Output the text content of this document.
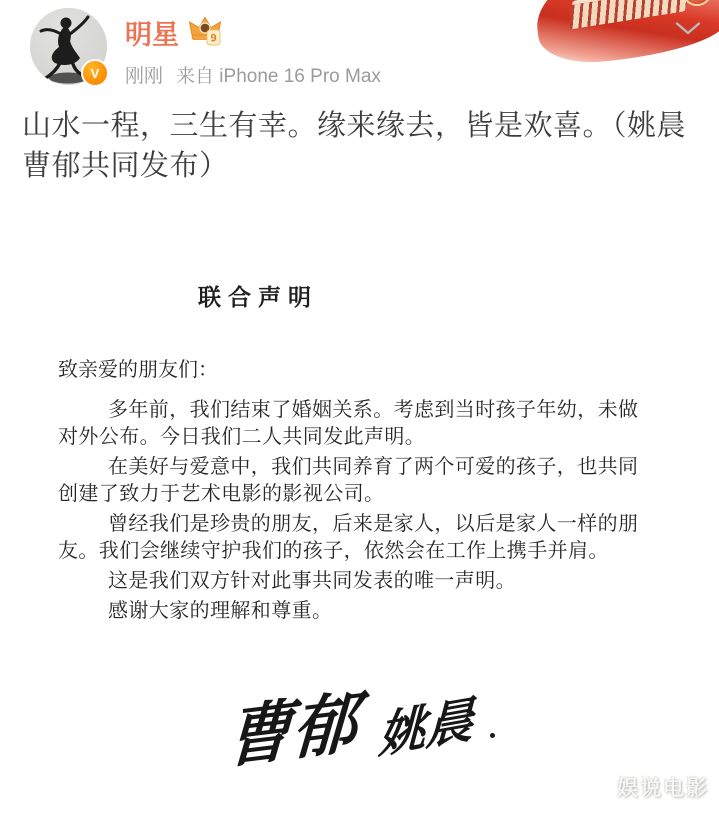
V
明星	9
刚刚 来自 iPhone 16 Pro Max
山水一程，三生有幸。缘来缘去，皆是欢喜。（姚晨
曹郁共同发布）
联合声明

致亲爱的朋友们：

多年前，我们结束了婚姻关系。考虑到当时孩子年幼，未做对外公布。今日我们二人共同发此声明。

在美好与爱意中，我们共同养育了两个可爱的孩子，也共同创建了致力于艺术电影的影视公司。

曾经我们是珍贵的朋友，后来是家人，以后是家人一样的朋友。我们会继续守护我们的孩子，依然会在工作上携手并肩。

这是我们双方针对此事共同发表的唯一声明。

感谢大家的理解和尊重。

曹郁 姚晨
娱说电影
